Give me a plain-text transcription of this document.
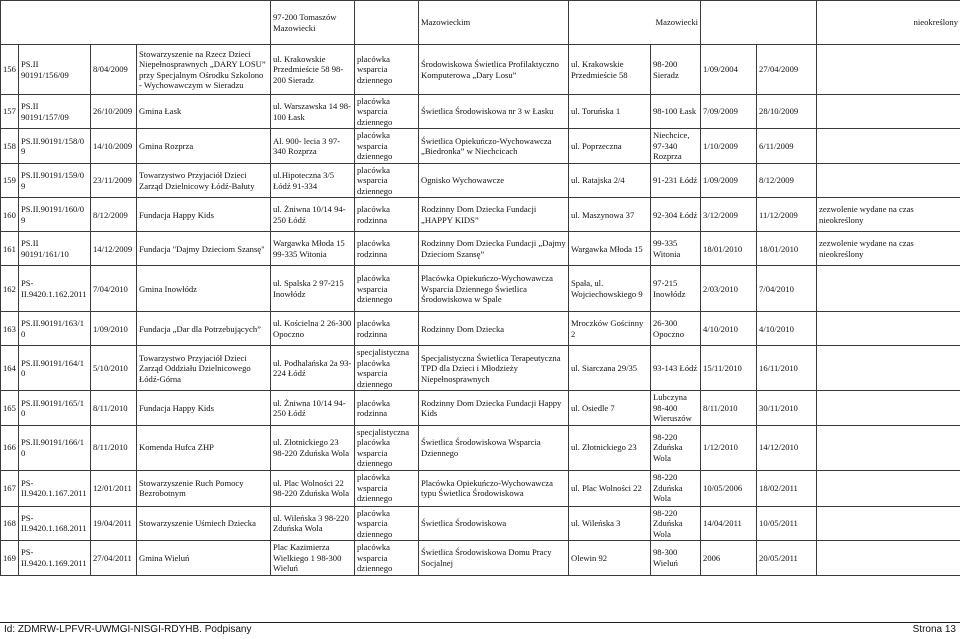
				97-200 Tomaszów Mazowiecki		Mazowieckim	Mazowiecki				nieokreślony
156	PS.II 90191/156/09	8/04/2009	Stowarzyszenie na Rzecz Dzieci Niepełnosprawnych „DARY LOSU” przy Specjalnym Ośrodku Szkolono - Wychowawczym w Sieradzu	ul. Krakowskie Przedmieście 58 98-200 Sieradz	placówka wsparcia dziennego	Środowiskowa Świetlica Profilaktyczno Komputerowa „Dary Losu”	ul. Krakowskie Przedmieście 58	98-200 Sieradz	1/09/2004	27/04/2009	
157	PS.II 90191/157/09	26/10/2009	Gmina Łask	ul. Warszawska 14 98-100 Łask	placówka wsparcia dziennego	Świetlica Środowiskowa nr 3 w Łasku	ul. Toruńska 1	98-100 Łask	7/09/2009	28/10/2009	
158	PS.II.90191/158/09	14/10/2009	Gmina Rozprza	Al. 900- lecia 3 97-340 Rozprza	placówka wsparcia dziennego	Świetlica Opiekuńczo-Wychowawcza „Biedronka” w Niechcicach	ul. Poprzeczna	Niechcice, 97-340 Rozprza	1/10/2009	6/11/2009	
159	PS.II.90191/159/09	23/11/2009	Towarzystwo Przyjaciół Dzieci Zarząd Dzielnicowy Łódź-Bałuty	ul.Hipoteczna 3/5 Łódź 91-334	placówka wsparcia dziennego	Ognisko Wychowawcze	ul. Ratajska 2/4	91-231 Łódź	1/09/2009	8/12/2009	
160	PS.II.90191/160/09	8/12/2009	Fundacja Happy Kids	ul. Żniwna 10/14 94-250 Łódź	placówka rodzinna	Rodzinny Dom Dziecka Fundacji „HAPPY KIDS”	ul. Maszynowa 37	92-304 Łódź	3/12/2009	11/12/2009	zezwolenie wydane na czas nieokreślony
161	PS.II 90191/161/10	14/12/2009	Fundacja "Dajmy Dzieciom Szansę"	Wargawka Młoda 15 99-335 Witonia	placówka rodzinna	Rodzinny Dom Dziecka Fundacji „Dajmy Dzieciom Szansę”	Wargawka Młoda 15	99-335 Witonia	18/01/2010	18/01/2010	zezwolenie wydane na czas nieokreślony
162	PS-II.9420.1.162.2011	7/04/2010	Gmina Inowłódz	ul. Spalska 2 97-215 Inowłódz	placówka wsparcia dziennego	Placówka Opiekuńczo-Wychowawcza Wsparcia Dziennego Świetlica Środowiskowa w Spale	Spała, ul. Wojciechowskiego 9	97-215 Inowłódz	2/03/2010	7/04/2010	
163	PS.II.90191/163/10	1/09/2010	Fundacja „Dar dla Potrzebujących”	ul. Kościelna 2 26-300 Opoczno	placówka rodzinna	Rodzinny Dom Dziecka	Mroczków Gościnny 2	26-300 Opoczno	4/10/2010	4/10/2010	
164	PS.II.90191/164/10	5/10/2010	Towarzystwo Przyjaciół Dzieci Zarząd Oddziału Dzielnicowego Łódź-Górna	ul. Podhalańska 2a 93-224 Łódź	specjalistyczna placówka wsparcia dziennego	Specjalistyczna Świetlica Terapeutyczna TPD dla Dzieci i Młodzieży Niepełnosprawnych	ul. Siarczana 29/35	93-143 Łódź	15/11/2010	16/11/2010	
165	PS.II.90191/165/10	8/11/2010	Fundacja Happy Kids	ul. Żniwna 10/14 94-250 Łódź	placówka rodzinna	Rodzinny Dom Dziecka Fundacji Happy Kids	ul. Osiedle 7	Lubczyna 98-400 Wieruszów	8/11/2010	30/11/2010	
166	PS.II.90191/166/10	8/11/2010	Komenda Hufca ZHP	ul. Złotnickiego 23 98-220 Zduńska Wola	specjalistyczna placówka wsparcia dziennego	Świetlica Środowiskowa Wsparcia Dziennego	ul. Złotnickiego 23	98-220 Zduńska Wola	1/12/2010	14/12/2010	
167	PS-II.9420.1.167.2011	12/01/2011	Stowarzyszenie Ruch Pomocy Bezrobotnym	ul. Plac Wolności 22 98-220 Zduńska Wola	placówka wsparcia dziennego	Placówka Opiekuńczo-Wychowawcza typu Świetlica Środowiskowa	ul. Plac Wolności 22	98-220 Zduńska Wola	10/05/2006	18/02/2011	
168	PS-II.9420.1.168.2011	19/04/2011	Stowarzyszenie Uśmiech Dziecka	ul. Wileńska 3 98-220 Zduńska Wola	placówka wsparcia dziennego	Świetlica Środowiskowa	ul. Wileńska 3	98-220 Zduńska Wola	14/04/2011	10/05/2011	
169	PS-II.9420.1.169.2011	27/04/2011	Gmina Wieluń	Plac Kazimierza Wielkiego 1 98-300 Wieluń	placówka wsparcia dziennego	Świetlica Środowiskowa Domu Pracy Socjalnej	Olewin 92	98-300 Wieluń	2006	20/05/2011	
Id: ZDMRW-LPFVR-UWMGI-NISGI-RDYHB. Podpisany	Strona 13
